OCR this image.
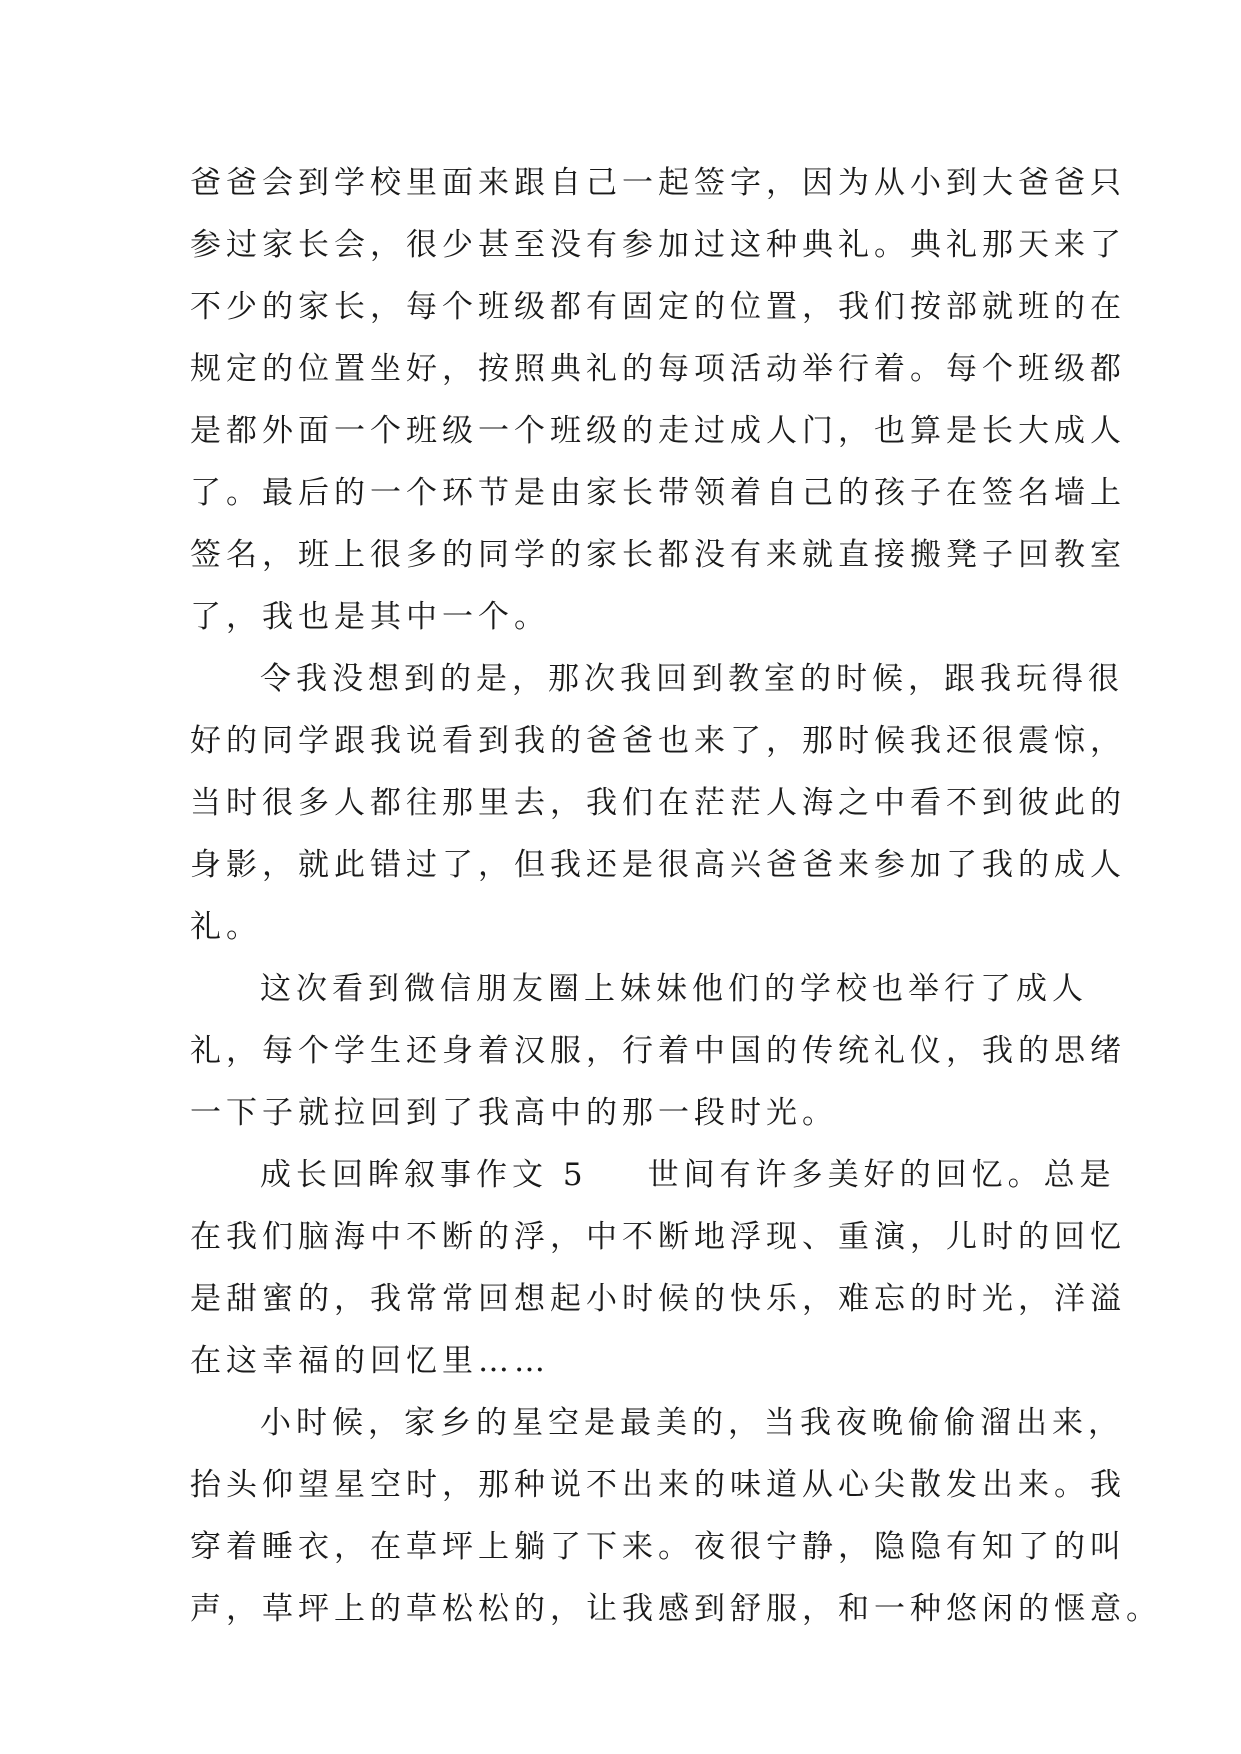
爸爸会到学校里面来跟自己一起签字，因为从小到大爸爸只
参过家长会，很少甚至没有参加过这种典礼。典礼那天来了
不少的家长，每个班级都有固定的位置，我们按部就班的在
规定的位置坐好，按照典礼的每项活动举行着。每个班级都
是都外面一个班级一个班级的走过成人门，也算是长大成人
了。最后的一个环节是由家长带领着自己的孩子在签名墙上
签名，班上很多的同学的家长都没有来就直接搬凳子回教室
了，我也是其中一个。
令我没想到的是，那次我回到教室的时候，跟我玩得很
好的同学跟我说看到我的爸爸也来了，那时候我还很震惊，
当时很多人都往那里去，我们在茫茫人海之中看不到彼此的
身影，就此错过了，但我还是很高兴爸爸来参加了我的成人
礼。
这次看到微信朋友圈上妹妹他们的学校也举行了成人
礼，每个学生还身着汉服，行着中国的传统礼仪，我的思绪
一下子就拉回到了我高中的那一段时光。
成长回眸叙事作文 5 世间有许多美好的回忆。总是
在我们脑海中不断的浮，中不断地浮现、重演，儿时的回忆
是甜蜜的，我常常回想起小时候的快乐，难忘的时光，洋溢
在这幸福的回忆里……
小时候，家乡的星空是最美的，当我夜晚偷偷溜出来，
抬头仰望星空时，那种说不出来的味道从心尖散发出来。我
穿着睡衣，在草坪上躺了下来。夜很宁静，隐隐有知了的叫
声，草坪上的草松松的，让我感到舒服，和一种悠闲的惬意。
